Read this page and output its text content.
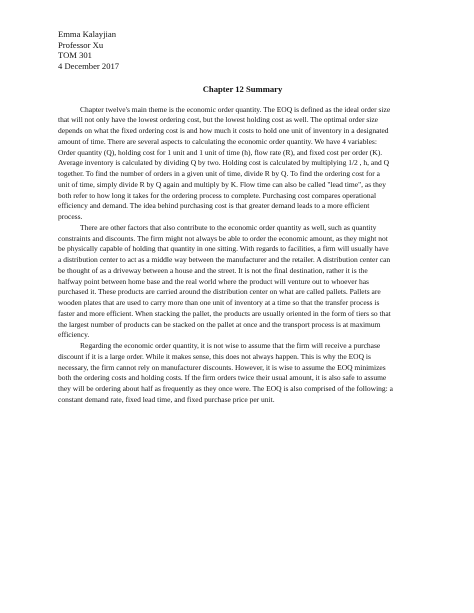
Emma Kalayjian
Professor Xu
TOM 301
4 December 2017
Chapter 12 Summary
Chapter twelve's main theme is the economic order quantity. The EOQ is defined as the ideal order size
that will not only have the lowest ordering cost, but the lowest holding cost as well. The optimal order size
depends on what the fixed ordering cost is and how much it costs to hold one unit of inventory in a designated
amount of time. There are several aspects to calculating the economic order quantity. We have 4 variables:
Order quantity (Q), holding cost for 1 unit and 1 unit of time (h), flow rate (R), and fixed cost per order (K).
Average inventory is calculated by dividing Q by two. Holding cost is calculated by multiplying 1/2 , h, and Q
together. To find the number of orders in a given unit of time, divide R by Q. To find the ordering cost for a
unit of time, simply divide R by Q again and multiply by K. Flow time can also be called "lead time", as they
both refer to how long it takes for the ordering process to complete. Purchasing cost compares operational
efficiency and demand. The idea behind purchasing cost is that greater demand leads to a more efficient
process.
There are other factors that also contribute to the economic order quantity as well, such as quantity
constraints and discounts. The firm might not always be able to order the economic amount, as they might not
be physically capable of holding that quantity in one sitting. With regards to facilities, a firm will usually have
a distribution center to act as a middle way between the manufacturer and the retailer. A distribution center can
be thought of as a driveway between a house and the street. It is not the final destination, rather it is the
halfway point between home base and the real world where the product will venture out to whoever has
purchased it. These products are carried around the distribution center on what are called pallets. Pallets are
wooden plates that are used to carry more than one unit of inventory at a time so that the transfer process is
faster and more efficient. When stacking the pallet, the products are usually oriented in the form of tiers so that
the largest number of products can be stacked on the pallet at once and the transport process is at maximum
efficiency.
Regarding the economic order quantity, it is not wise to assume that the firm will receive a purchase
discount if it is a large order. While it makes sense, this does not always happen. This is why the EOQ is
necessary, the firm cannot rely on manufacturer discounts. However, it is wise to assume the EOQ minimizes
both the ordering costs and holding costs. If the firm orders twice their usual amount, it is also safe to assume
they will be ordering about half as frequently as they once were. The EOQ is also comprised of the following: a
constant demand rate, fixed lead time, and fixed purchase price per unit.
